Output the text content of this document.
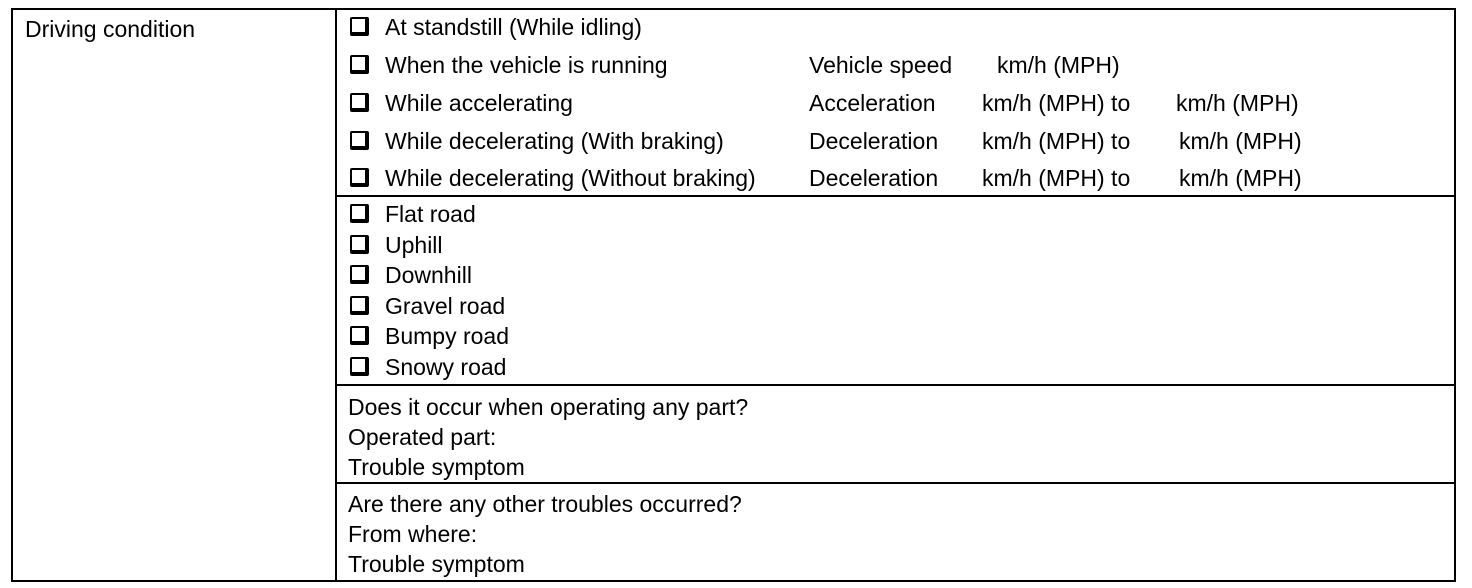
Driving condition	At standstill (While idling)
When the vehicle is running	Vehicle speed km/h (MPH)
While accelerating	Acceleration km/h (MPH) to km/h (MPH)
While decelerating (With braking)	Deceleration km/h (MPH) to km/h (MPH)
While decelerating (Without braking) Deceleration km/h (MPH) to km/h (MPH)
Flat road
Uphill
Downhill
Gravel road
Bumpy road
Snowy road
Does it occur when operating any part?
Operated part:
Trouble symptom
Are there any other troubles occurred?
From where:
Trouble symptom
